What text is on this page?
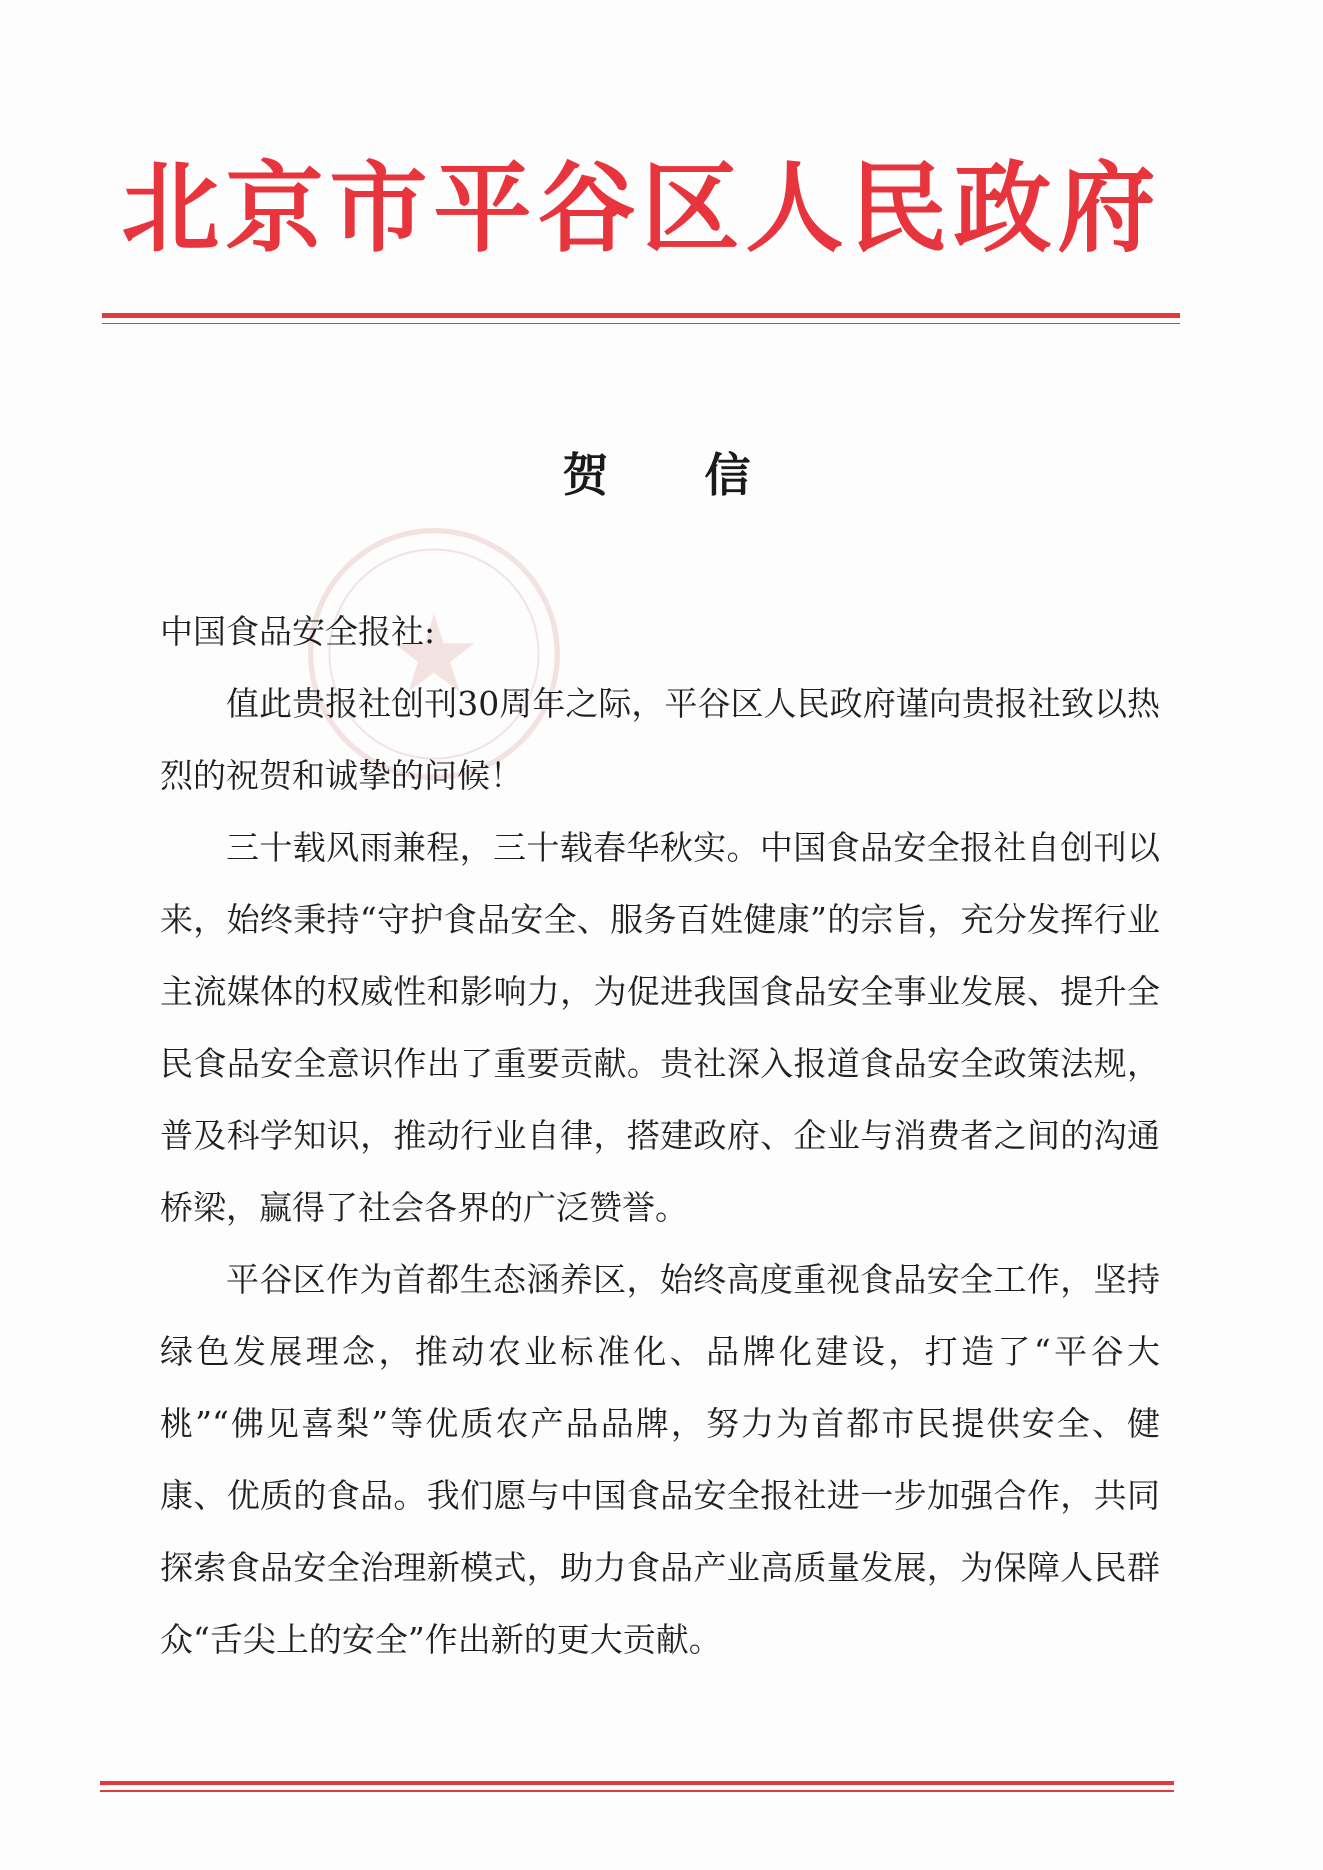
北京市平谷区人民政府
贺 信
中国食品安全报社:

值此贵报社创刊30周年之际，平谷区人民政府谨向贵报社致以热烈的祝贺和诚挚的问候！

三十载风雨兼程，三十载春华秋实。中国食品安全报社自创刊以来，始终秉持“守护食品安全、服务百姓健康”的宗旨，充分发挥行业主流媒体的权威性和影响力，为促进我国食品安全事业发展、提升全民食品安全意识作出了重要贡献。贵社深入报道食品安全政策法规，普及科学知识，推动行业自律，搭建政府、企业与消费者之间的沟通桥梁，赢得了社会各界的广泛赞誉。

平谷区作为首都生态涵养区，始终高度重视食品安全工作，坚持绿色发展理念，推动农业标准化、品牌化建设，打造了“平谷大桃”“佛见喜梨”等优质农产品品牌，努力为首都市民提供安全、健康、优质的食品。我们愿与中国食品安全报社进一步加强合作，共同探索食品安全治理新模式，助力食品产业高质量发展，为保障人民群众“舌尖上的安全”作出新的更大贡献。
